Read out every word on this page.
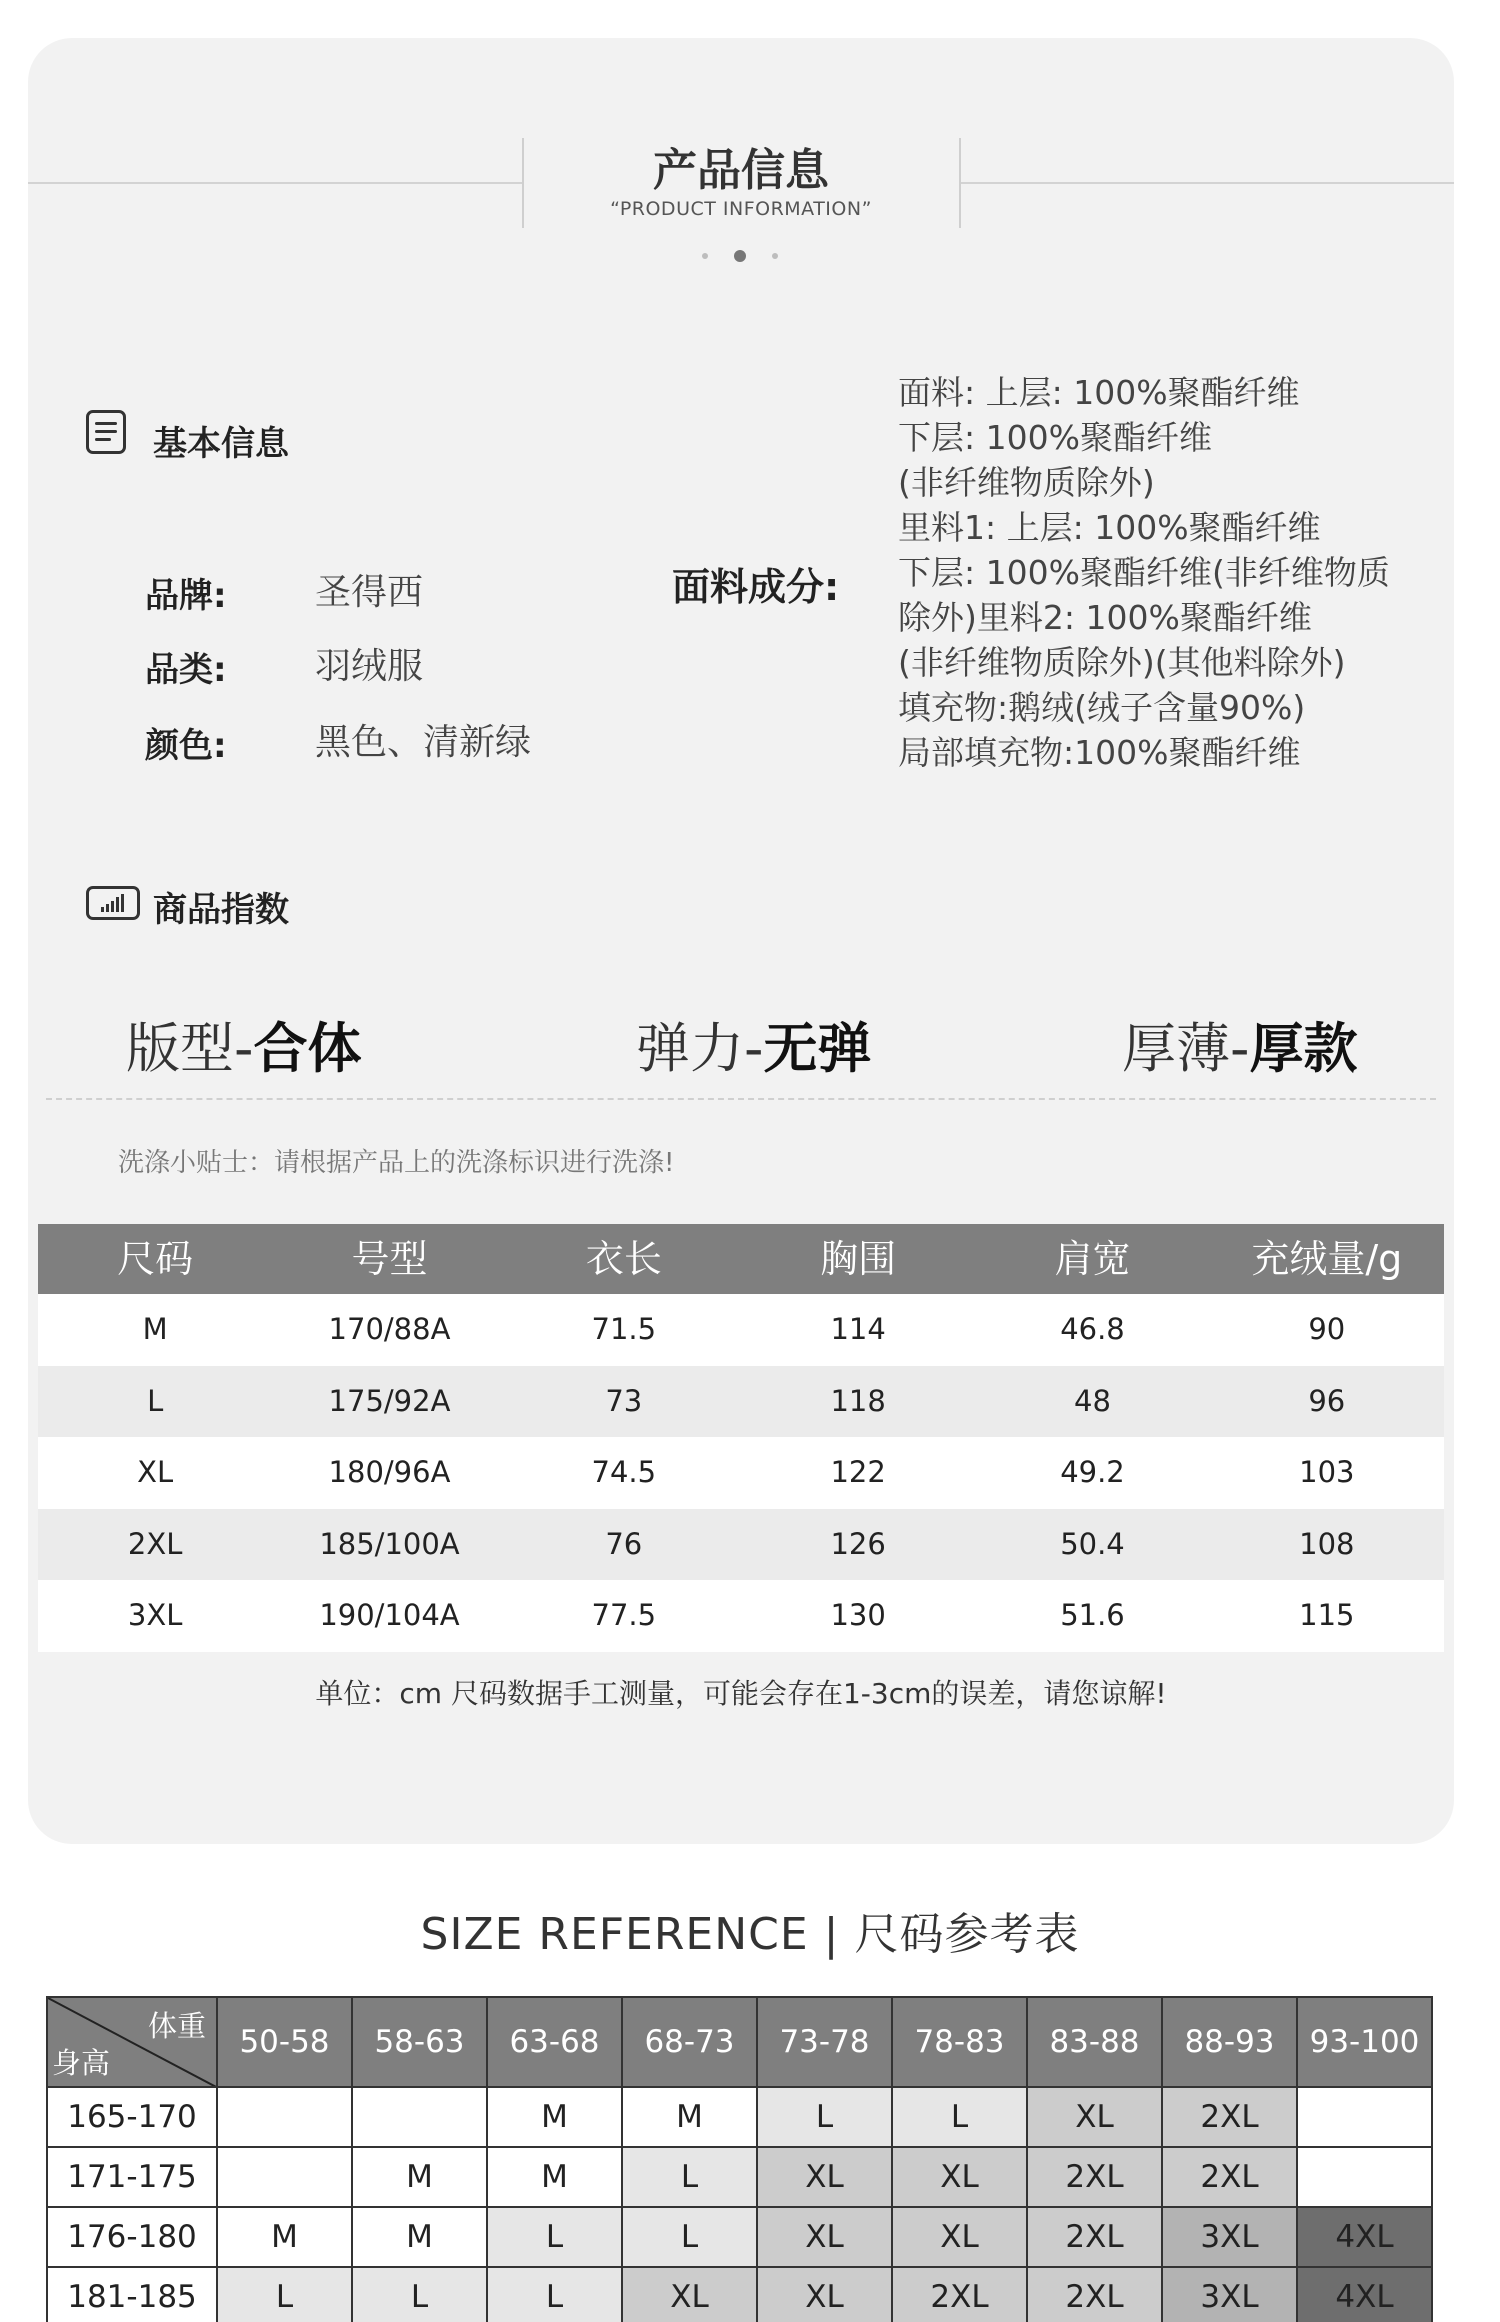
产品信息
“PRODUCT INFORMATION”
基本信息
品牌: 圣得西
品类: 羽绒服
颜色: 黑色、清新绿
面料成分:
面料: 上层: 100%聚酯纤维
下层: 100%聚酯纤维
(非纤维物质除外)
里料1: 上层: 100%聚酯纤维
下层: 100%聚酯纤维(非纤维物质
除外)里料2: 100%聚酯纤维
(非纤维物质除外)(其他料除外)
填充物:鹅绒(绒子含量90%)
局部填充物:100%聚酯纤维
商品指数
版型-合体	弹力-无弹	厚薄-厚款
洗涤小贴士：请根据产品上的洗涤标识进行洗涤!
尺码	号型	衣长	胸围	肩宽	充绒量/g
M	170/88A	71.5	114	46.8	90
L	175/92A	73	118	48	96
XL	180/96A	74.5	122	49.2	103
2XL	185/100A	76	126	50.4	108
3XL	190/104A	77.5	130	51.6	115
单位：cm 尺码数据手工测量，可能会存在1-3cm的误差，请您谅解!
SIZE REFERENCE | 尺码参考表
体重
身高	50-58	58-63	63-68	68-73	73-78	78-83	83-88	88-93	93-100
165-170			M	M	L	L	XL	2XL	
171-175		M	M	L	XL	XL	2XL	2XL	
176-180	M	M	L	L	XL	XL	2XL	3XL	4XL
181-185	L	L	L	XL	XL	2XL	2XL	3XL	4XL
